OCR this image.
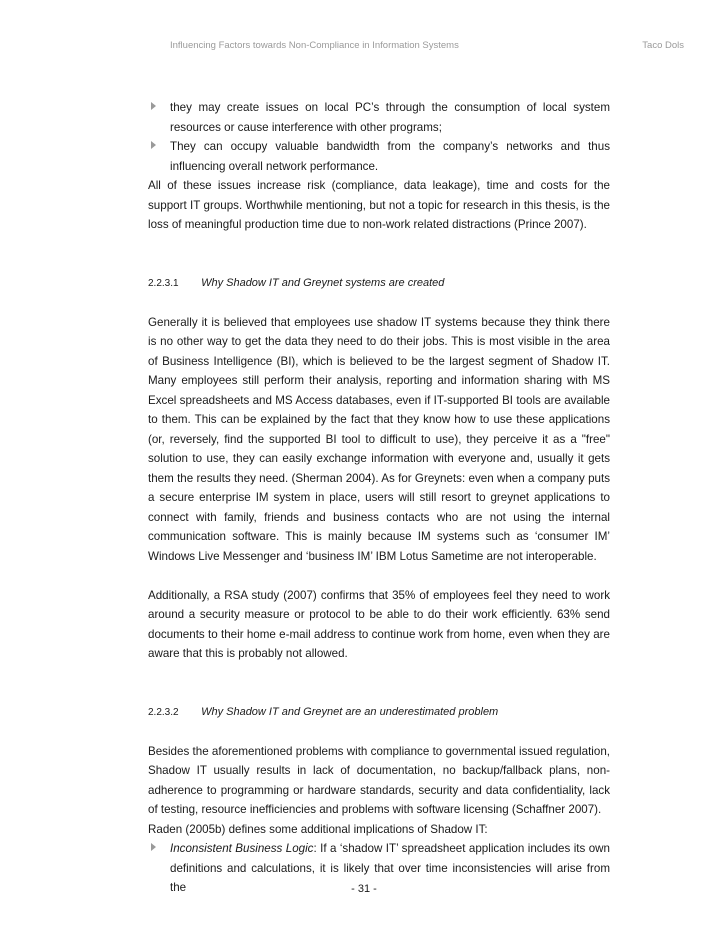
Influencing Factors towards Non-Compliance in Information Systems	Taco Dols
they may create issues on local PC’s through the consumption of local system resources or cause interference with other programs;
They can occupy valuable bandwidth from the company’s networks and thus influencing overall network performance.

All of these issues increase risk (compliance, data leakage), time and costs for the support IT groups. Worthwhile mentioning, but not a topic for research in this thesis, is the loss of meaningful production time due to non-work related distractions (Prince 2007).

2.2.3.1 Why Shadow IT and Greynet systems are created

Generally it is believed that employees use shadow IT systems because they think there is no other way to get the data they need to do their jobs. This is most visible in the area of Business Intelligence (BI), which is believed to be the largest segment of Shadow IT. Many employees still perform their analysis, reporting and information sharing with MS Excel spreadsheets and MS Access databases, even if IT-supported BI tools are available to them. This can be explained by the fact that they know how to use these applications (or, reversely, find the supported BI tool to difficult to use), they perceive it as a "free" solution to use, they can easily exchange information with everyone and, usually it gets them the results they need. (Sherman 2004). As for Greynets: even when a company puts a secure enterprise IM system in place, users will still resort to greynet applications to connect with family, friends and business contacts who are not using the internal communication software. This is mainly because IM systems such as ‘consumer IM’ Windows Live Messenger and ‘business IM’ IBM Lotus Sametime are not interoperable.

Additionally, a RSA study (2007) confirms that 35% of employees feel they need to work around a security measure or protocol to be able to do their work efficiently. 63% send documents to their home e-mail address to continue work from home, even when they are aware that this is probably not allowed.

2.2.3.2 Why Shadow IT and Greynet are an underestimated problem

Besides the aforementioned problems with compliance to governmental issued regulation, Shadow IT usually results in lack of documentation, no backup/fallback plans, non-adherence to programming or hardware standards, security and data confidentiality, lack of testing, resource inefficiencies and problems with software licensing (Schaffner 2007).

Raden (2005b) defines some additional implications of Shadow IT:

Inconsistent Business Logic: If a ‘shadow IT’ spreadsheet application includes its own definitions and calculations, it is likely that over time inconsistencies will arise from the	- 31 -
